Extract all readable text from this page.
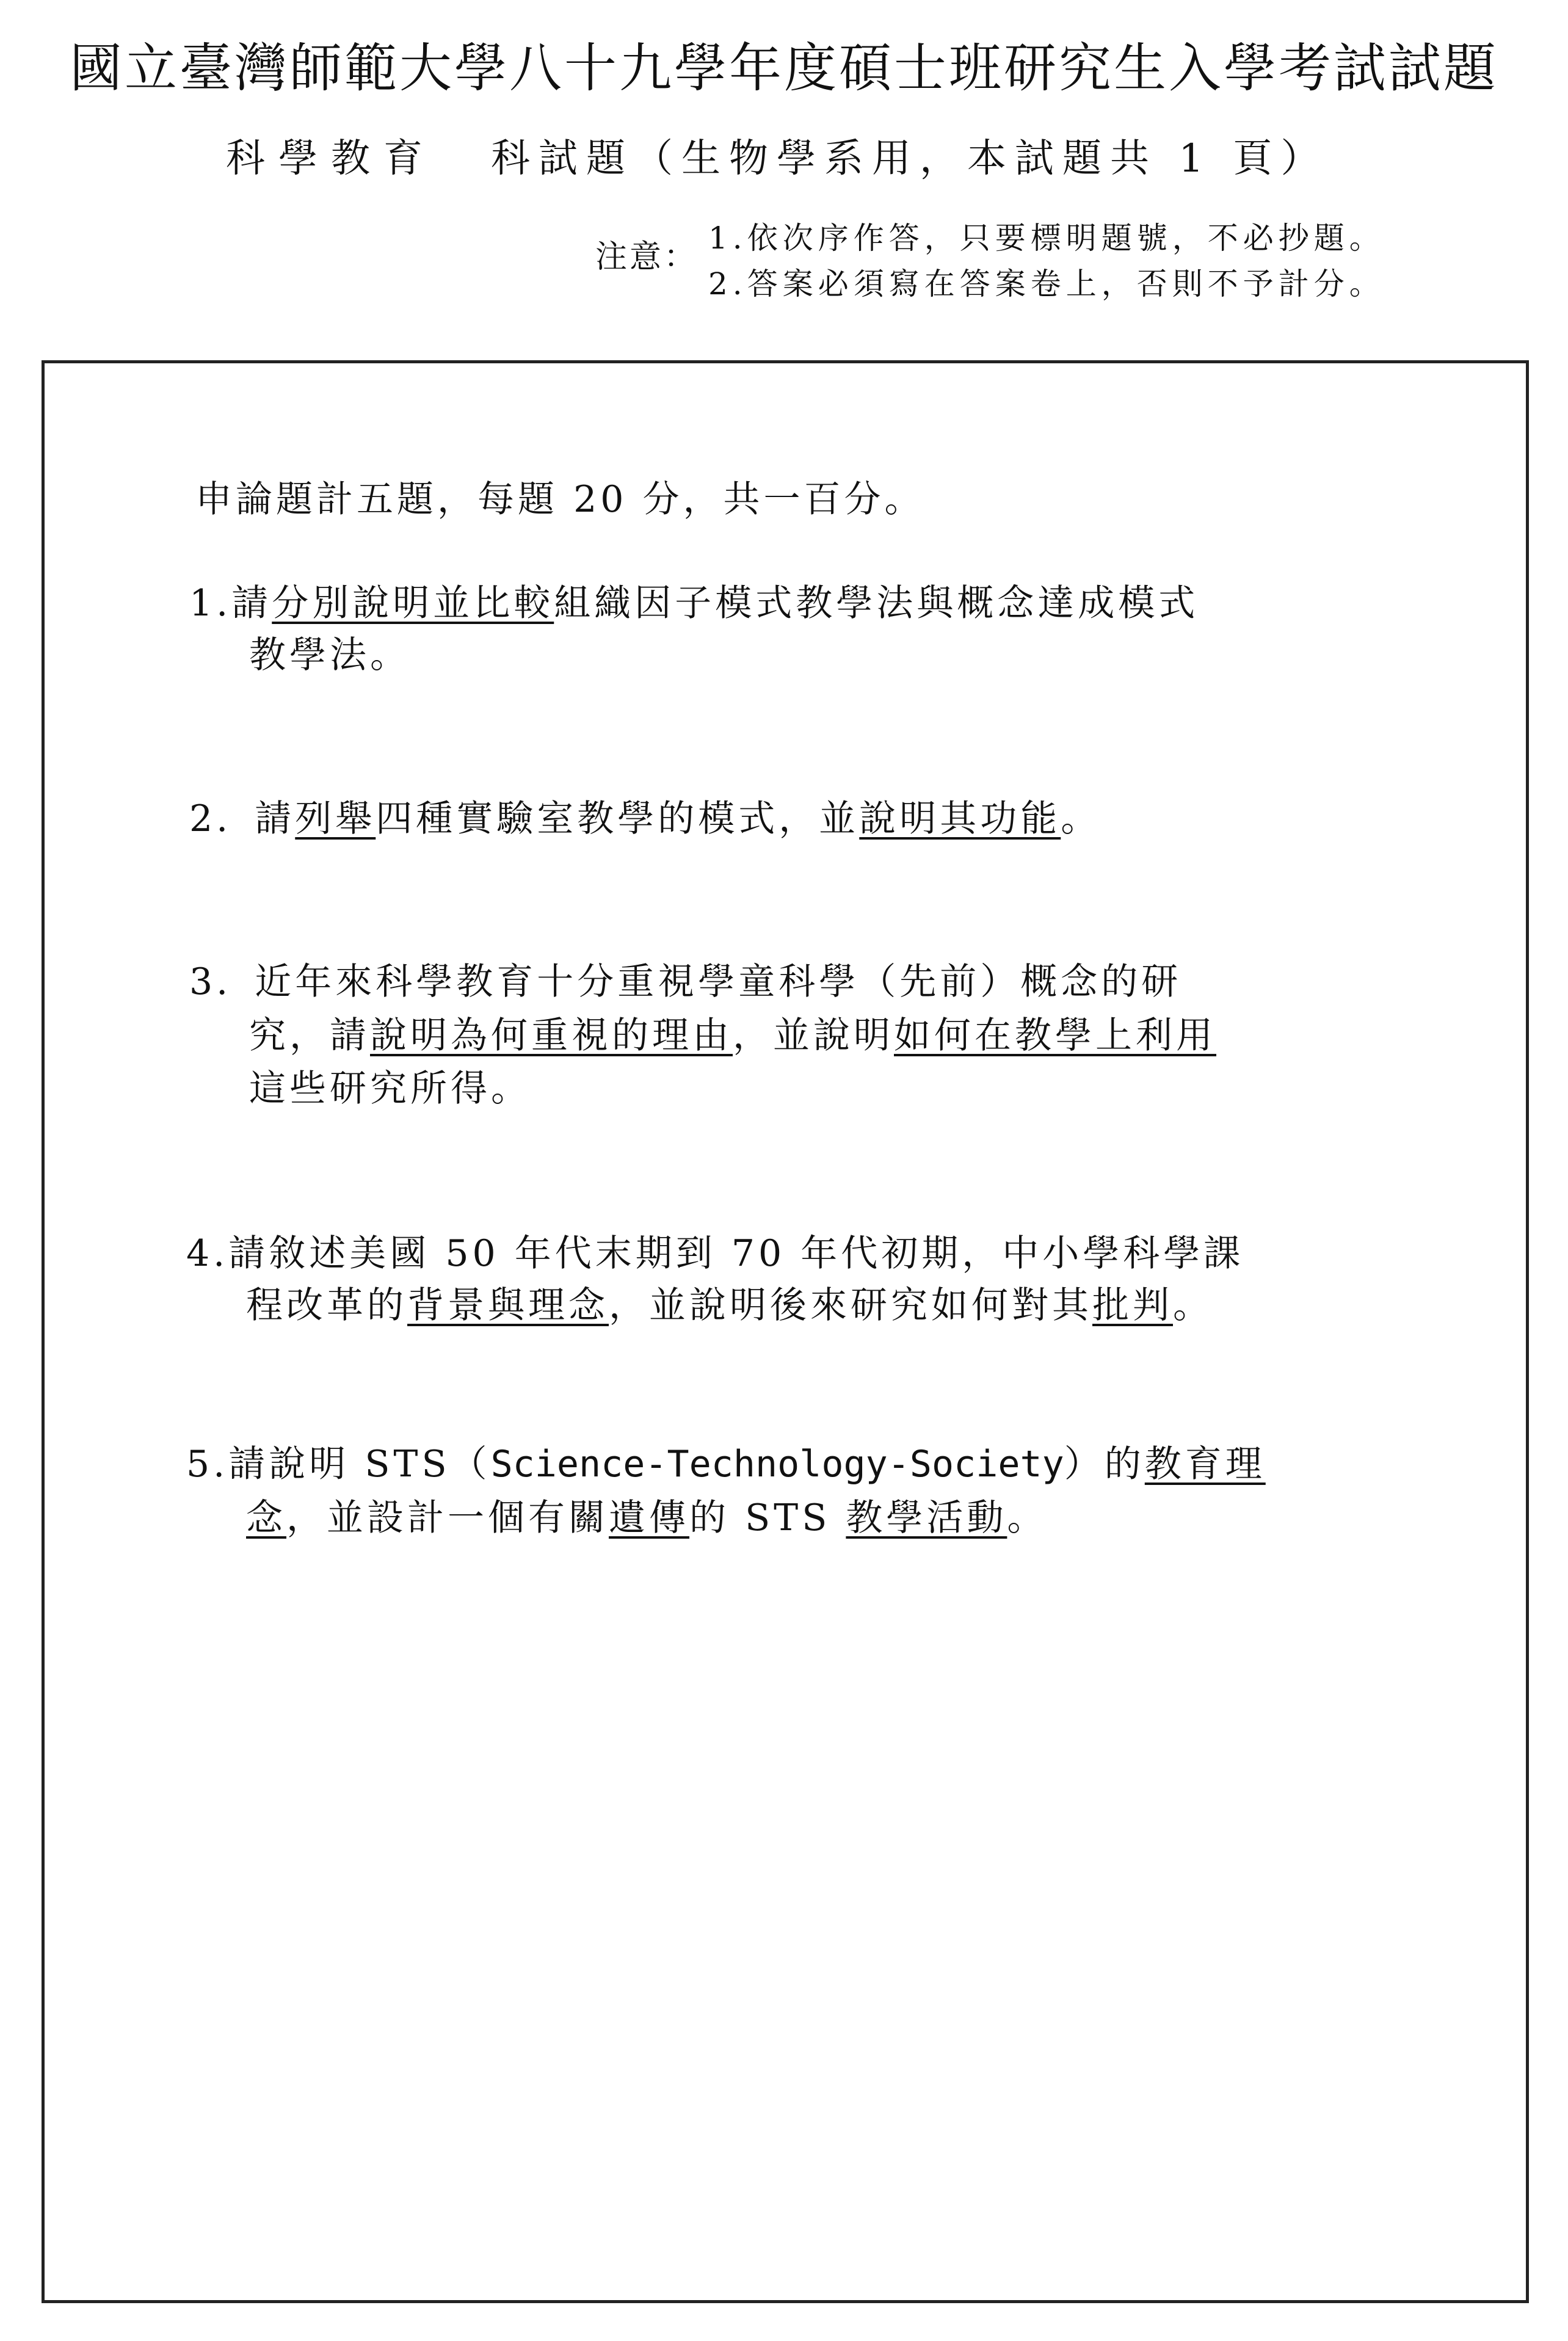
國立臺灣師範大學八十九學年度碩士班研究生入學考試試題
科學教育 科試題（生物學系用，本試題共 1 頁）
注意：
1.依次序作答，只要標明題號，不必抄題。
2.答案必須寫在答案卷上，否則不予計分。
申論題計五題，每題 20 分，共一百分。
1.請分別說明並比較組織因子模式教學法與概念達成模式
教學法。
2. 請列舉四種實驗室教學的模式，並說明其功能。
3. 近年來科學教育十分重視學童科學（先前）概念的研
究，請說明為何重視的理由，並說明如何在教學上利用
這些研究所得。
4.請敘述美國 50 年代末期到 70 年代初期，中小學科學課
程改革的背景與理念，並說明後來研究如何對其批判。
5.請說明 STS（Science-Technology-Society）的教育理
念，並設計一個有關遺傳的 STS 教學活動。
